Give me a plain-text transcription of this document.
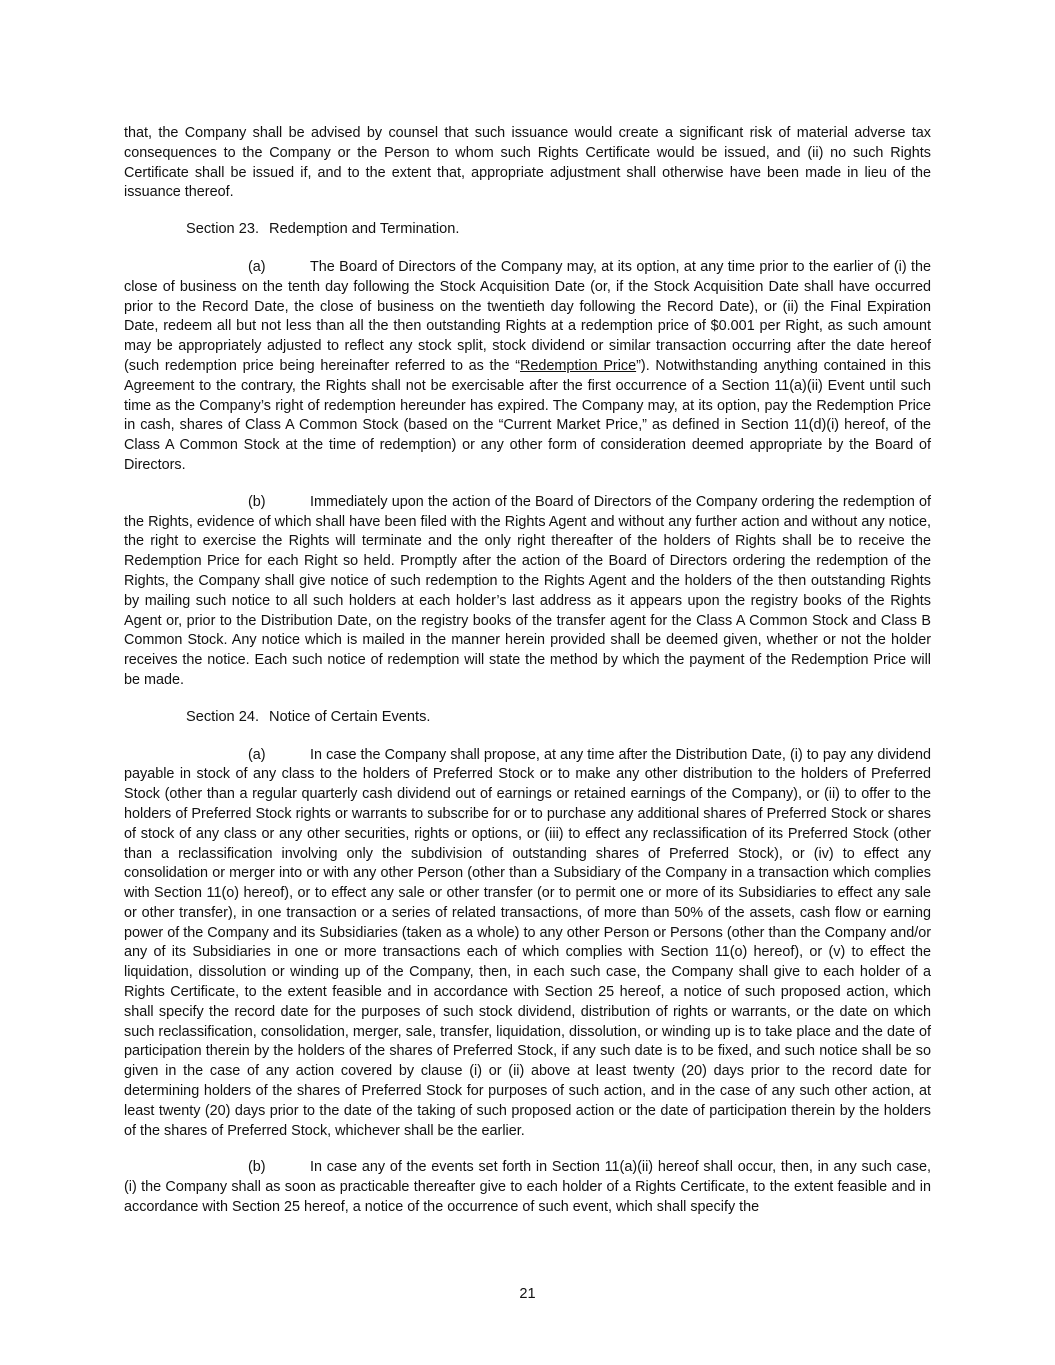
that, the Company shall be advised by counsel that such issuance would create a significant risk of material adverse tax consequences to the Company or the Person to whom such Rights Certificate would be issued, and (ii) no such Rights Certificate shall be issued if, and to the extent that, appropriate adjustment shall otherwise have been made in lieu of the issuance thereof.

Section 23. Redemption and Termination.

(a)	The Board of Directors of the Company may, at its option, at any time prior to the earlier of (i) the close of business on the tenth day following the Stock Acquisition Date (or, if the Stock Acquisition Date shall have occurred prior to the Record Date, the close of business on the twentieth day following the Record Date), or (ii) the Final Expiration Date, redeem all but not less than all the then outstanding Rights at a redemption price of $0.001 per Right, as such amount may be appropriately adjusted to reflect any stock split, stock dividend or similar transaction occurring after the date hereof (such redemption price being hereinafter referred to as the “Redemption Price”). Notwithstanding anything contained in this Agreement to the contrary, the Rights shall not be exercisable after the first occurrence of a Section 11(a)(ii) Event until such time as the Company’s right of redemption hereunder has expired. The Company may, at its option, pay the Redemption Price in cash, shares of Class A Common Stock (based on the “Current Market Price,” as defined in Section 11(d)(i) hereof, of the Class A Common Stock at the time of redemption) or any other form of consideration deemed appropriate by the Board of Directors.

(b)	Immediately upon the action of the Board of Directors of the Company ordering the redemption of the Rights, evidence of which shall have been filed with the Rights Agent and without any further action and without any notice, the right to exercise the Rights will terminate and the only right thereafter of the holders of Rights shall be to receive the Redemption Price for each Right so held. Promptly after the action of the Board of Directors ordering the redemption of the Rights, the Company shall give notice of such redemption to the Rights Agent and the holders of the then outstanding Rights by mailing such notice to all such holders at each holder’s last address as it appears upon the registry books of the Rights Agent or, prior to the Distribution Date, on the registry books of the transfer agent for the Class A Common Stock and Class B Common Stock. Any notice which is mailed in the manner herein provided shall be deemed given, whether or not the holder receives the notice. Each such notice of redemption will state the method by which the payment of the Redemption Price will be made.

Section 24. Notice of Certain Events.

(a)	In case the Company shall propose, at any time after the Distribution Date, (i) to pay any dividend payable in stock of any class to the holders of Preferred Stock or to make any other distribution to the holders of Preferred Stock (other than a regular quarterly cash dividend out of earnings or retained earnings of the Company), or (ii) to offer to the holders of Preferred Stock rights or warrants to subscribe for or to purchase any additional shares of Preferred Stock or shares of stock of any class or any other securities, rights or options, or (iii) to effect any reclassification of its Preferred Stock (other than a reclassification involving only the subdivision of outstanding shares of Preferred Stock), or (iv) to effect any consolidation or merger into or with any other Person (other than a Subsidiary of the Company in a transaction which complies with Section 11(o) hereof), or to effect any sale or other transfer (or to permit one or more of its Subsidiaries to effect any sale or other transfer), in one transaction or a series of related transactions, of more than 50% of the assets, cash flow or earning power of the Company and its Subsidiaries (taken as a whole) to any other Person or Persons (other than the Company and/or any of its Subsidiaries in one or more transactions each of which complies with Section 11(o) hereof), or (v) to effect the liquidation, dissolution or winding up of the Company, then, in each such case, the Company shall give to each holder of a Rights Certificate, to the extent feasible and in accordance with Section 25 hereof, a notice of such proposed action, which shall specify the record date for the purposes of such stock dividend, distribution of rights or warrants, or the date on which such reclassification, consolidation, merger, sale, transfer, liquidation, dissolution, or winding up is to take place and the date of participation therein by the holders of the shares of Preferred Stock, if any such date is to be fixed, and such notice shall be so given in the case of any action covered by clause (i) or (ii) above at least twenty (20) days prior to the record date for determining holders of the shares of Preferred Stock for purposes of such action, and in the case of any such other action, at least twenty (20) days prior to the date of the taking of such proposed action or the date of participation therein by the holders of the shares of Preferred Stock, whichever shall be the earlier.

(b)	In case any of the events set forth in Section 11(a)(ii) hereof shall occur, then, in any such case, (i) the Company shall as soon as practicable thereafter give to each holder of a Rights Certificate, to the extent feasible and in accordance with Section 25 hereof, a notice of the occurrence of such event, which shall specify the

21
